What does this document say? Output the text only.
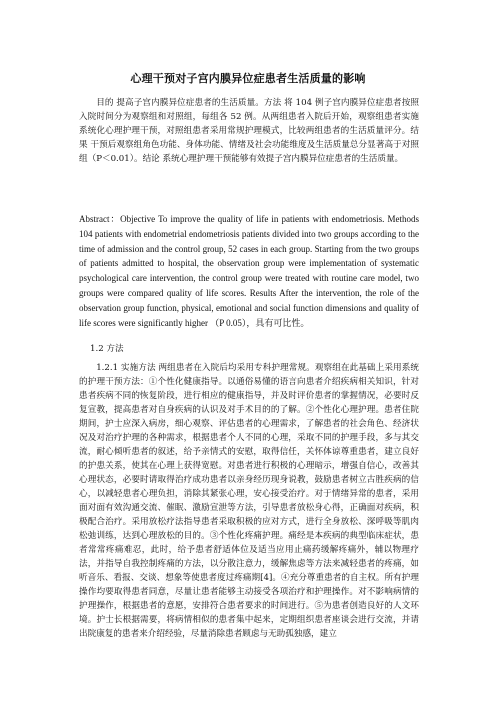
心理干预对子宫内膜异位症患者生活质量的影响

目的 提高子宫内膜异位症患者的生活质量。方法 将 104 例子宫内膜异位症患者按照入院时间分为观察组和对照组，每组各 52 例。从两组患者入院后开始，观察组患者实施系统化心理护理干预，对照组患者采用常规护理模式，比较两组患者的生活质量评分。结果 干预后观察组角色功能、身体功能、情绪及社会功能维度及生活质量总分显著高于对照组（P＜0.01）。结论 系统心理护理干预能够有效提子宫内膜异位症患者的生活质量。

Abstract：Objective To improve the quality of life in patients with endometriosis. Methods 104 patients with endometrial endometriosis patients divided into two groups according to the time of admission and the control group, 52 cases in each group. Starting from the two groups of patients admitted to hospital, the observation group were implementation of systematic psychological care intervention, the control group were treated with routine care model, two groups were compared quality of life scores. Results After the intervention, the role of the observation group function, physical, emotional and social function dimensions and quality of life scores were significantly higher （P 0.05），具有可比性。

1.2 方法

1.2.1 实施方法 两组患者在入院后均采用专科护理常规。观察组在此基础上采用系统的护理干预方法：①个性化健康指导。以通俗易懂的语言向患者介绍疾病相关知识，针对患者疾病不同的恢复阶段，进行相应的健康指导，并及时评价患者的掌握情况，必要时反复宣教，提高患者对自身疾病的认识及对手术目的的了解。②个性化心理护理。患者住院期间，护士应深入病房，细心观察、评估患者的心理需求，了解患者的社会角色、经济状况及对治疗护理的各种需求，根据患者个人不同的心理，采取不同的护理手段，多与其交流，耐心倾听患者的叙述，给予亲情式的安慰，取得信任，关怀体谅尊重患者，建立良好的护患关系，使其在心理上获得宽慰。对患者进行积极的心理暗示，增强自信心，改善其心理状态，必要时请取得治疗成功患者以亲身经历现身说教，鼓励患者树立古胜疾病的信心，以减轻患者心理负担，消除其紧张心理，安心接受治疗。对于情绪异常的患者，采用面对面有效沟通交流、催眠、激励宣泄等方法，引导患者放松身心得，正确面对疾病，积极配合治疗。采用放松疗法指导患者采取积极的应对方式，进行全身放松、深呼吸等肌肉松弛训练，达到心理放松的目的。③个性化疼痛护理。痛经是本疾病的典型临床症状，患者常常疼痛难忍，此时，给予患者舒适体位及适当应用止痛药缓解疼痛外，辅以物理疗法，并指导自我控制疼痛的方法，以分散注意力，缓解焦虑等方法来减轻患者的疼痛，如听音乐、看报、交谈、想象等使患者度过疼痛期[4]。④充分尊重患者的自主权。所有护理操作均要取得患者同意，尽量让患者能够主动接受各项治疗和护理操作。对不影响病情的护理操作，根据患者的意愿，安排符合患者要求的时间进行。⑤为患者创造良好的人文环境。护士长根据需要，将病情相似的患者集中起来，定期组织患者座谈会进行交流，并请出院康复的患者来介绍经验，尽量消除患者顾虑与无助孤独感，建立
